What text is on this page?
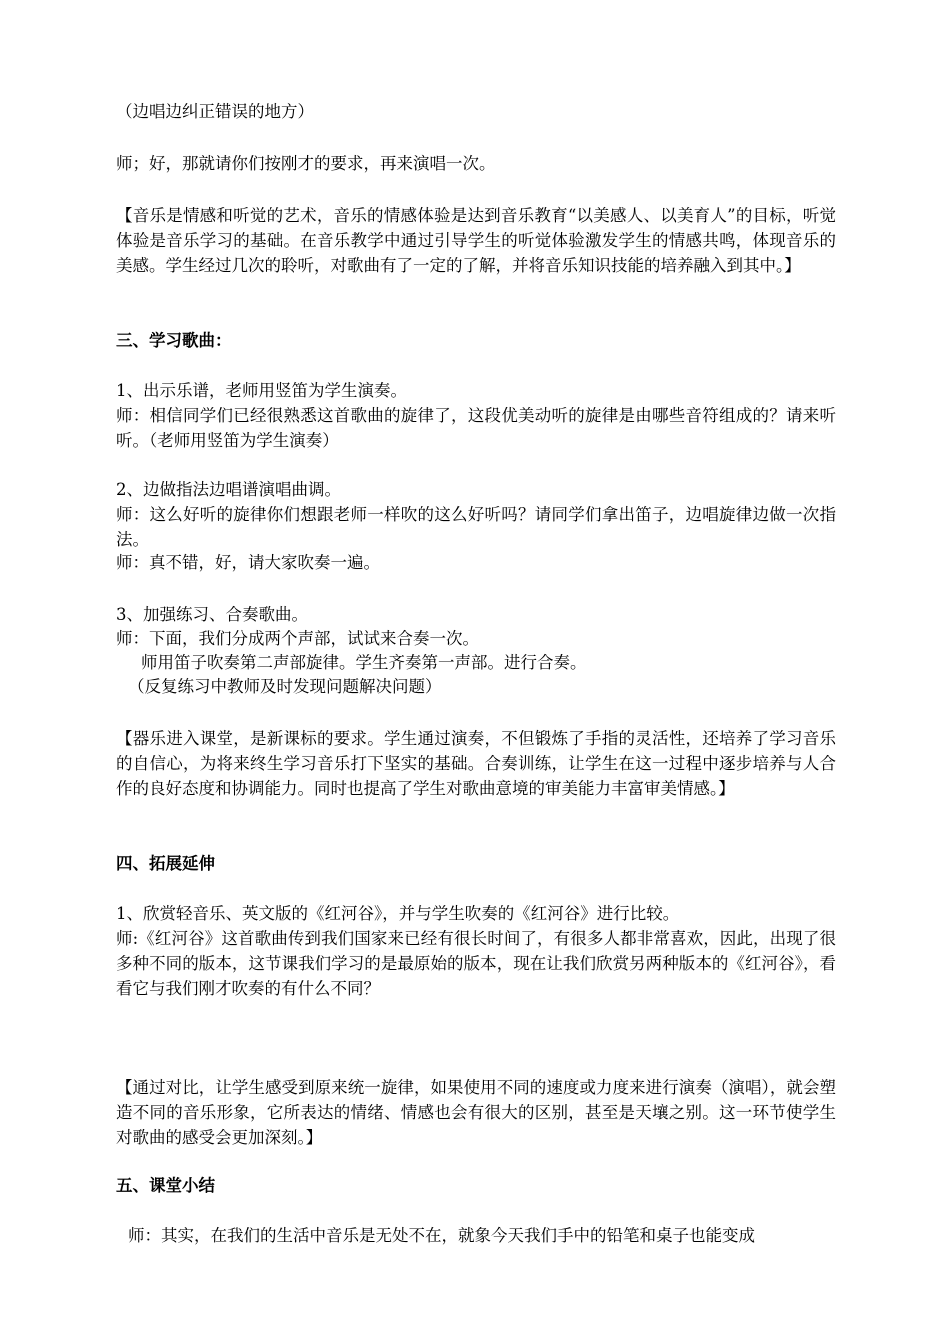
（边唱边纠正错误的地方）
师；好，那就请你们按刚才的要求，再来演唱一次。
【音乐是情感和听觉的艺术，音乐的情感体验是达到音乐教育“以美感人、以美育人”的目标，听觉体验是音乐学习的基础。在音乐教学中通过引导学生的听觉体验激发学生的情感共鸣，体现音乐的美感。学生经过几次的聆听，对歌曲有了一定的了解，并将音乐知识技能的培养融入到其中。】
三、学习歌曲：
1、出示乐谱，老师用竖笛为学生演奏。
师：相信同学们已经很熟悉这首歌曲的旋律了，这段优美动听的旋律是由哪些音符组成的？请来听听。（老师用竖笛为学生演奏）
2、边做指法边唱谱演唱曲调。
师：这么好听的旋律你们想跟老师一样吹的这么好听吗？请同学们拿出笛子，边唱旋律边做一次指法。
师：真不错，好，请大家吹奏一遍。
3、加强练习、合奏歌曲。
师：下面，我们分成两个声部，试试来合奏一次。
师用笛子吹奏第二声部旋律。学生齐奏第一声部。进行合奏。
（反复练习中教师及时发现问题解决问题）
【器乐进入课堂，是新课标的要求。学生通过演奏，不但锻炼了手指的灵活性，还培养了学习音乐的自信心，为将来终生学习音乐打下坚实的基础。合奏训练，让学生在这一过程中逐步培养与人合作的良好态度和协调能力。同时也提高了学生对歌曲意境的审美能力丰富审美情感。】
四、拓展延伸
1、欣赏轻音乐、英文版的《红河谷》，并与学生吹奏的《红河谷》进行比较。
师:《红河谷》这首歌曲传到我们国家来已经有很长时间了，有很多人都非常喜欢，因此，出现了很多种不同的版本，这节课我们学习的是最原始的版本，现在让我们欣赏另两种版本的《红河谷》，看看它与我们刚才吹奏的有什么不同？
【通过对比，让学生感受到原来统一旋律，如果使用不同的速度或力度来进行演奏（演唱），就会塑造不同的音乐形象，它所表达的情绪、情感也会有很大的区别，甚至是天壤之别。这一环节使学生对歌曲的感受会更加深刻。】
五、课堂小结
师：其实，在我们的生活中音乐是无处不在，就象今天我们手中的铅笔和桌子也能变成
